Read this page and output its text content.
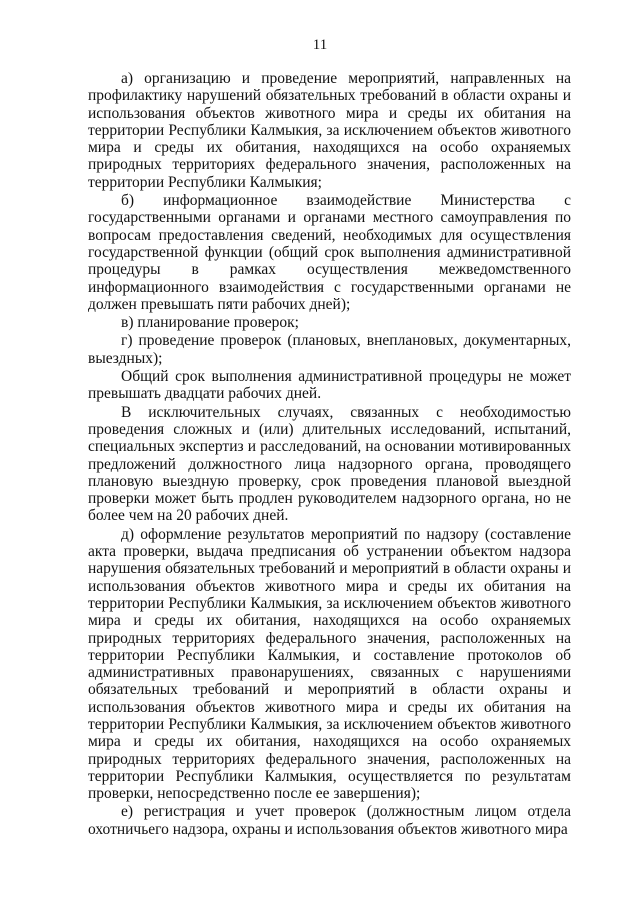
11

а) организацию и проведение мероприятий, направленных на профилактику нарушений обязательных требований в области охраны и использования объектов животного мира и среды их обитания на территории Республики Калмыкия, за исключением объектов животного мира и среды их обитания, находящихся на особо охраняемых природных территориях федерального значения, расположенных на территории Республики Калмыкия;

б) информационное взаимодействие Министерства с государственными органами и органами местного самоуправления по вопросам предоставления сведений, необходимых для осуществления государственной функции (общий срок выполнения административной процедуры в рамках осуществления межведомственного информационного взаимодействия с государственными органами не должен превышать пяти рабочих дней);

в) планирование проверок;

г) проведение проверок (плановых, внеплановых, документарных, выездных);

Общий срок выполнения административной процедуры не может превышать двадцати рабочих дней.

В исключительных случаях, связанных с необходимостью проведения сложных и (или) длительных исследований, испытаний, специальных экспертиз и расследований, на основании мотивированных предложений должностного лица надзорного органа, проводящего плановую выездную проверку, срок проведения плановой выездной проверки может быть продлен руководителем надзорного органа, но не более чем на 20 рабочих дней.

д) оформление результатов мероприятий по надзору (составление акта проверки, выдача предписания об устранении объектом надзора нарушения обязательных требований и мероприятий в области охраны и использования объектов животного мира и среды их обитания на территории Республики Калмыкия, за исключением объектов животного мира и среды их обитания, находящихся на особо охраняемых природных территориях федерального значения, расположенных на территории Республики Калмыкия, и составление протоколов об административных правонарушениях, связанных с нарушениями обязательных требований и мероприятий в области охраны и использования объектов животного мира и среды их обитания на территории Республики Калмыкия, за исключением объектов животного мира и среды их обитания, находящихся на особо охраняемых природных территориях федерального значения, расположенных на территории Республики Калмыкия, осуществляется по результатам проверки, непосредственно после ее завершения);

е) регистрация и учет проверок (должностным лицом отдела охотничьего надзора, охраны и использования объектов животного мира
